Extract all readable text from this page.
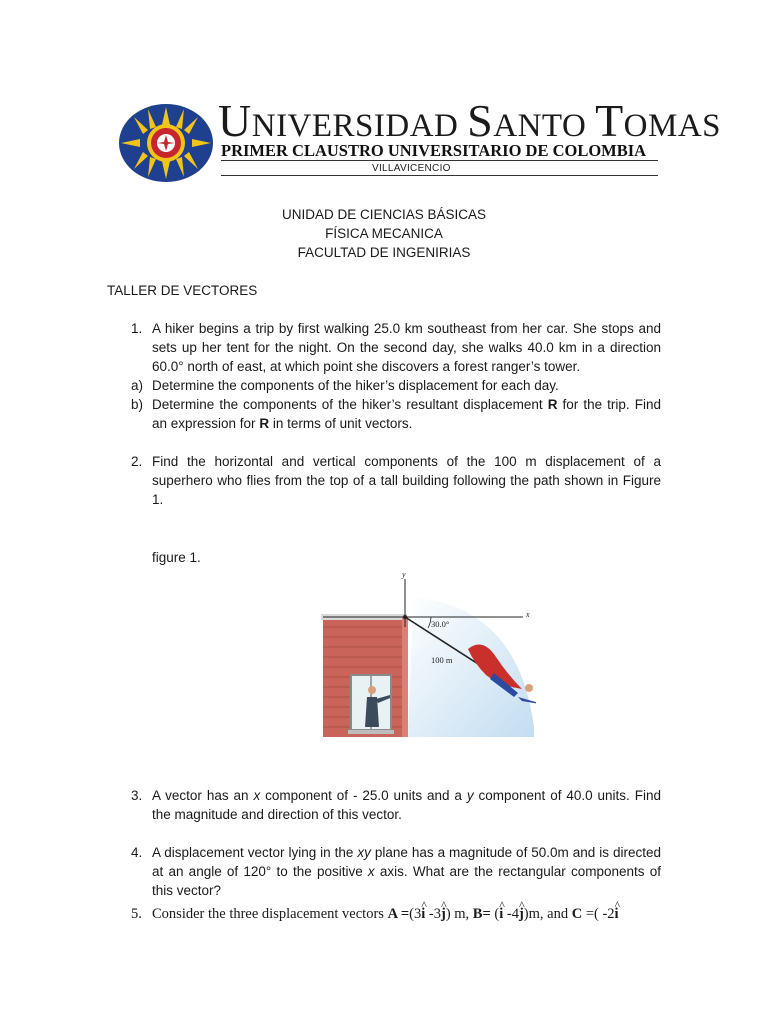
UNIVERSIDAD SANTO TOMAS
PRIMER CLAUSTRO UNIVERSITARIO DE COLOMBIA
VILLAVICENCIO
UNIDAD DE CIENCIAS BÁSICAS
FÍSICA MECANICA
FACULTAD DE INGENIRIAS
TALLER DE VECTORES
1. A hiker begins a trip by first walking 25.0 km southeast from her car. She stops and sets up her tent for the night. On the second day, she walks 40.0 km in a direction 60.0° north of east, at which point she discovers a forest ranger’s tower.
a) Determine the components of the hiker’s displacement for each day.
b) Determine the components of the hiker’s resultant displacement R for the trip. Find an expression for R in terms of unit vectors.
2. Find the horizontal and vertical components of the 100 m displacement of a superhero who flies from the top of a tall building following the path shown in Figure 1.
figure 1.
y
x
30.0°
100 m
3. A vector has an x component of - 25.0 units and a y component of 40.0 units. Find the magnitude and direction of this vector.
4. A displacement vector lying in the xy plane has a magnitude of 50.0m and is directed at an angle of 120° to the positive x axis. What are the rectangular components of this vector?
5. Consider the three displacement vectors A =(3^ i -3^ j) m, B= (^ i -4^ j)m, and C =( -2^ i
